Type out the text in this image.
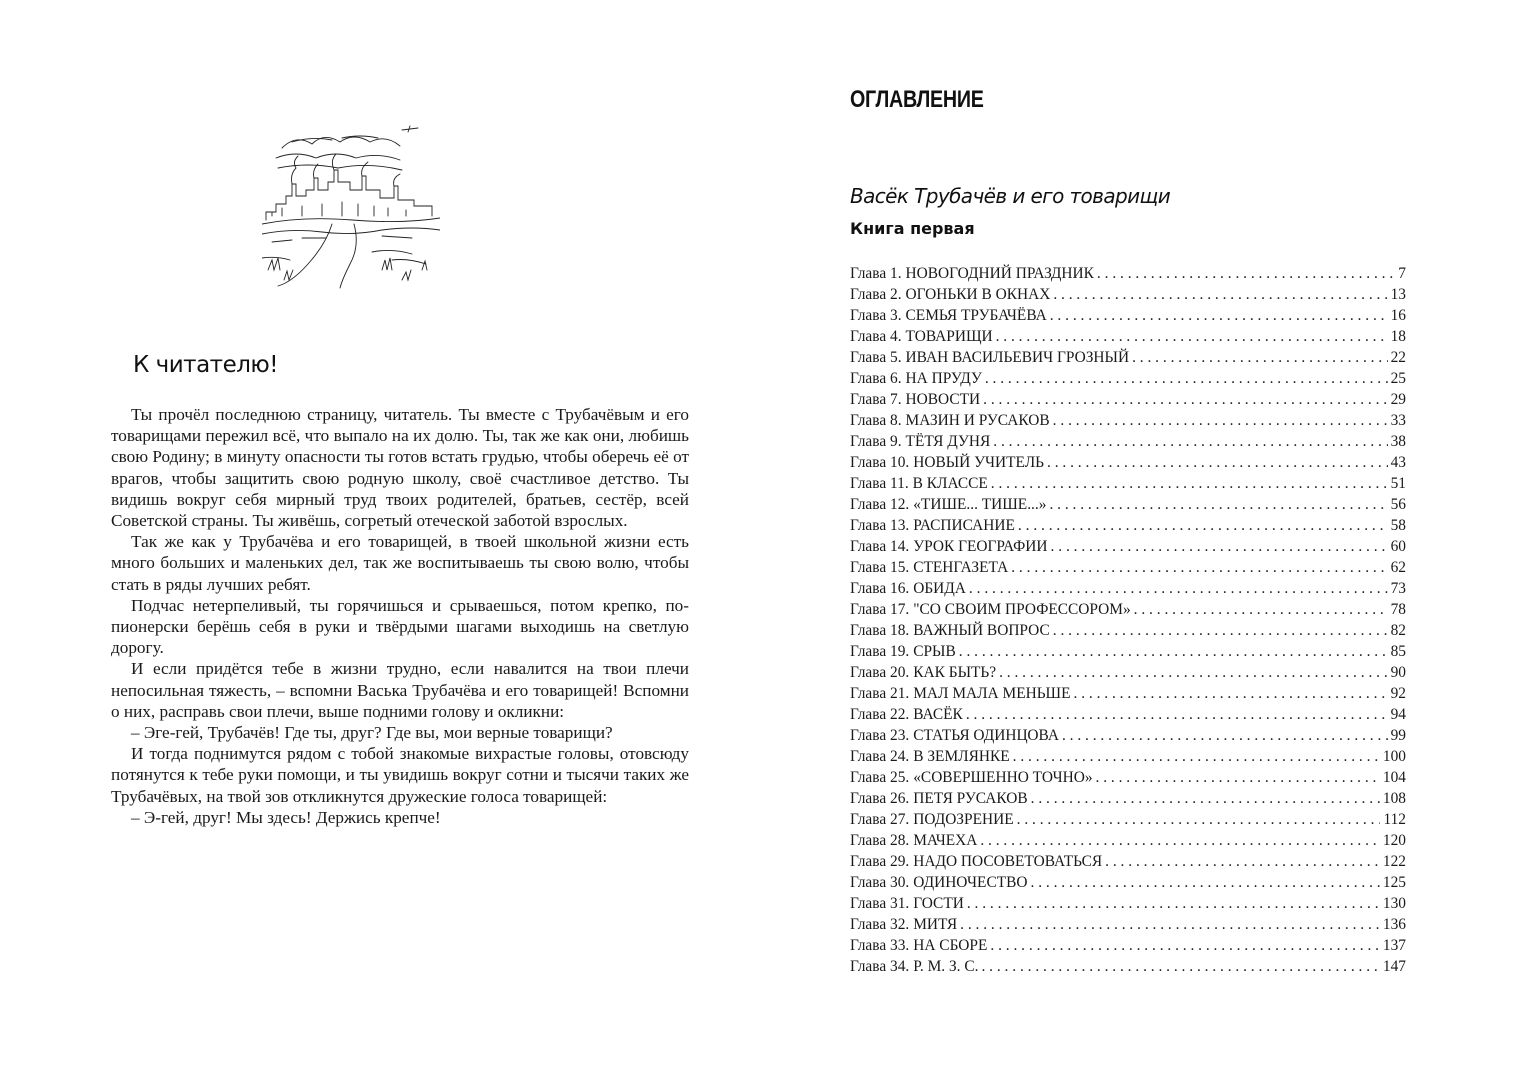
К читателю!

Ты прочёл последнюю страницу, читатель. Ты вместе с Трубачёвым и его товарищами пережил всё, что выпало на их долю. Ты, так же как они, любишь свою Родину; в минуту опасности ты готов встать грудью, чтобы оберечь её от врагов, чтобы защитить свою родную школу, своё счастливое детство. Ты видишь вокруг себя мирный труд твоих родителей, братьев, сестёр, всей Советской страны. Ты живёшь, согретый отеческой заботой взрослых.

Так же как у Трубачёва и его товарищей, в твоей школьной жизни есть много больших и маленьких дел, так же воспитываешь ты свою волю, чтобы стать в ряды лучших ребят.

Подчас нетерпеливый, ты горячишься и срываешься, потом крепко, по-пионерски берёшь себя в руки и твёрдыми шагами выходишь на светлую дорогу.

И если придётся тебе в жизни трудно, если навалится на твои плечи непосильная тяжесть, – вспомни Васька Трубачёва и его товарищей! Вспомни о них, расправь свои плечи, выше подними голову и окликни:

– Эге-гей, Трубачёв! Где ты, друг? Где вы, мои верные товарищи?

И тогда поднимутся рядом с тобой знакомые вихрастые головы, отовсюду потянутся к тебе руки помощи, и ты увидишь вокруг сотни и тысячи таких же Трубачёвых, на твой зов откликнутся дружеские голоса товарищей:

– Э-гей, друг! Мы здесь! Держись крепче!

ОГЛАВЛЕНИЕ
Васёк Трубачёв и его товарищи
Книга первая
Глава 1. НОВОГОДНИЙ ПРАЗДНИК . . .	7
Глава 2. ОГОНЬКИ В ОКНАХ . . .	13
Глава 3. СЕМЬЯ ТРУБАЧЁВА . . .	16
Глава 4. ТОВАРИЩИ . . .	18
Глава 5. ИВАН ВАСИЛЬЕВИЧ ГРОЗНЫЙ . . .	22
Глава 6. НА ПРУДУ . . .	25
Глава 7. НОВОСТИ . . .	29
Глава 8. МАЗИН И РУСАКОВ . . .	33
Глава 9. ТЁТЯ ДУНЯ . . .	38
Глава 10. НОВЫЙ УЧИТЕЛЬ . . .	43
Глава 11. В КЛАССЕ . . .	51
Глава 12. «ТИШЕ... ТИШЕ...» . . .	56
Глава 13. РАСПИСАНИЕ . . .	58
Глава 14. УРОК ГЕОГРАФИИ . . .	60
Глава 15. СТЕНГАЗЕТА . . .	62
Глава 16. ОБИДА . . .	73
Глава 17. "СО СВОИМ ПРОФЕССОРОМ» . . .	78
Глава 18. ВАЖНЫЙ ВОПРОС . . .	82
Глава 19. СРЫВ . . .	85
Глава 20. КАК БЫТЬ? . . .	90
Глава 21. МАЛ МАЛА МЕНЬШЕ . . .	92
Глава 22. ВАСЁК . . .	94
Глава 23. СТАТЬЯ ОДИНЦОВА . . .	99
Глава 24. В ЗЕМЛЯНКЕ . . .	100
Глава 25. «СОВЕРШЕННО ТОЧНО» . . .	104
Глава 26. ПЕТЯ РУСАКОВ . . .	108
Глава 27. ПОДОЗРЕНИЕ . . .	112
Глава 28. МАЧЕХА . . .	120
Глава 29. НАДО ПОСОВЕТОВАТЬСЯ . . .	122
Глава 30. ОДИНОЧЕСТВО . . .	125
Глава 31. ГОСТИ . . .	130
Глава 32. МИТЯ . . .	136
Глава 33. НА СБОРЕ . . .	137
Глава 34. Р. М. З. С. . . .	147
